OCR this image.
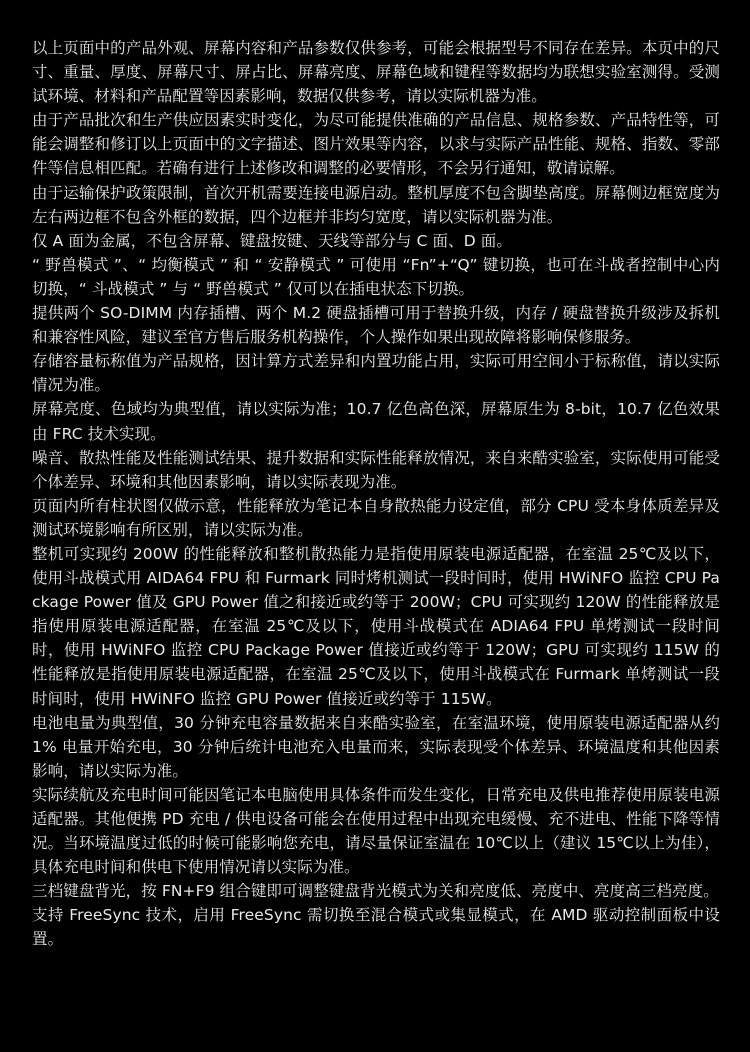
以上页面中的产品外观、屏幕内容和产品参数仅供参考，可能会根据型号不同存在差异。本页中的尺寸、重量、厚度、屏幕尺寸、屏占比、屏幕亮度、屏幕色域和键程等数据均为联想实验室测得。受测试环境、材料和产品配置等因素影响，数据仅供参考，请以实际机器为准。

由于产品批次和生产供应因素实时变化，为尽可能提供准确的产品信息、规格参数、产品特性等，可能会调整和修订以上页面中的文字描述、图片效果等内容，以求与实际产品性能、规格、指数、零部件等信息相匹配。若确有进行上述修改和调整的必要情形，不会另行通知，敬请谅解。

由于运输保护政策限制，首次开机需要连接电源启动。整机厚度不包含脚垫高度。屏幕侧边框宽度为左右两边框不包含外框的数据，四个边框并非均匀宽度，请以实际机器为准。

仅 A 面为金属，不包含屏幕、键盘按键、天线等部分与 C 面、D 面。

“ 野兽模式 ”、“ 均衡模式 ” 和 “ 安静模式 ” 可使用 “Fn”+“Q” 键切换，也可在斗战者控制中心内切换，“ 斗战模式 ” 与 “ 野兽模式 ” 仅可以在插电状态下切换。

提供两个 SO-DIMM 内存插槽、两个 M.2 硬盘插槽可用于替换升级，内存 / 硬盘替换升级涉及拆机和兼容性风险，建议至官方售后服务机构操作，个人操作如果出现故障将影响保修服务。

存储容量标称值为产品规格，因计算方式差异和内置功能占用，实际可用空间小于标称值，请以实际情况为准。

屏幕亮度、色域均为典型值，请以实际为准；10.7 亿色高色深，屏幕原生为 8-bit，10.7 亿色效果由 FRC 技术实现。

噪音、散热性能及性能测试结果、提升数据和实际性能释放情况，来自来酷实验室，实际使用可能受个体差异、环境和其他因素影响，请以实际表现为准。

页面内所有柱状图仅做示意，性能释放为笔记本自身散热能力设定值，部分 CPU 受本身体质差异及测试环境影响有所区别，请以实际为准。

整机可实现约 200W 的性能释放和整机散热能力是指使用原装电源适配器，在室温 25℃及以下，使用斗战模式用 AIDA64 FPU 和 Furmark 同时烤机测试一段时间时，使用 HWiNFO 监控 CPU Package Power 值及 GPU Power 值之和接近或约等于 200W；CPU 可实现约 120W 的性能释放是指使用原装电源适配器，在室温 25℃及以下，使用斗战模式在 ADIA64 FPU 单烤测试一段时间时，使用 HWiNFO 监控 CPU Package Power 值接近或约等于 120W；GPU 可实现约 115W 的性能释放是指使用原装电源适配器，在室温 25℃及以下，使用斗战模式在 Furmark 单烤测试一段时间时，使用 HWiNFO 监控 GPU Power 值接近或约等于 115W。

电池电量为典型值，30 分钟充电容量数据来自来酷实验室，在室温环境，使用原装电源适配器从约 1% 电量开始充电，30 分钟后统计电池充入电量而来，实际表现受个体差异、环境温度和其他因素影响，请以实际为准。

实际续航及充电时间可能因笔记本电脑使用具体条件而发生变化，日常充电及供电推荐使用原装电源适配器。其他便携 PD 充电 / 供电设备可能会在使用过程中出现充电缓慢、充不进电、性能下降等情况。当环境温度过低的时候可能影响您充电，请尽量保证室温在 10℃以上（建议 15℃以上为佳），具体充电时间和供电下使用情况请以实际为准。

三档键盘背光，按 FN+F9 组合键即可调整键盘背光模式为关和亮度低、亮度中、亮度高三档亮度。

支持 FreeSync 技术，启用 FreeSync 需切换至混合模式或集显模式，在 AMD 驱动控制面板中设置。
